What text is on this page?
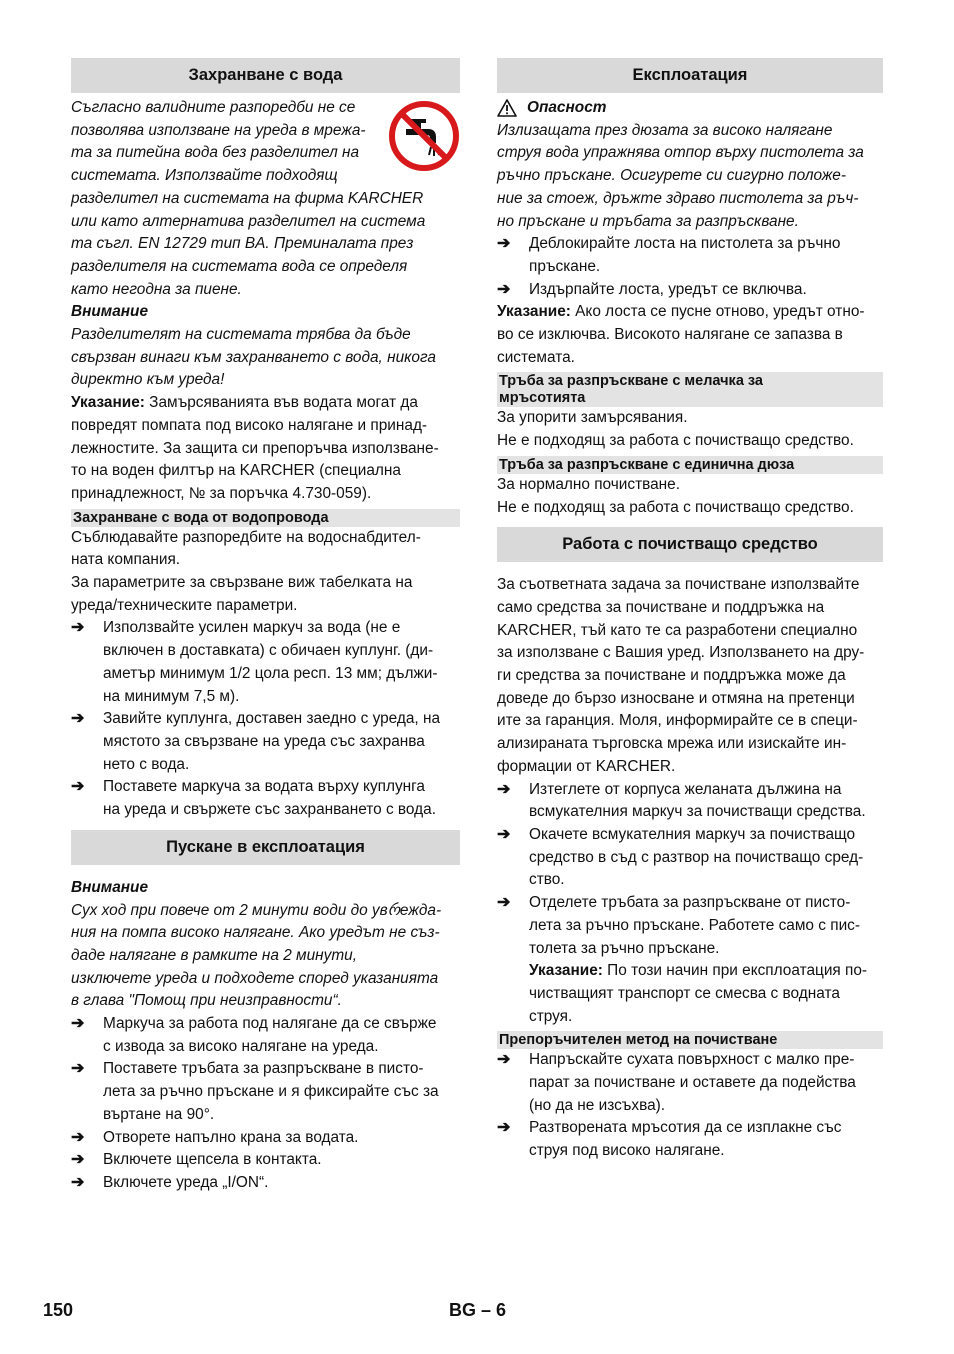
Захранване с вода
Съгласно валидните разпоредби не се
позволява използване на уреда в мрежа-
та за питейна вода без разделител на
системата. Използвайте подходящ
разделител на системата на фирма KARCHER
или като алтернатива разделител на система
та съгл. EN 12729 тип BA. Преминалата през
разделителя на системата вода се определя
като негодна за пиене.
Внимание
Разделителят на системата трябва да бъде
свързван винаги към захранването с вода, никога
директно към уреда!
Указание: Замърсяванията във водата могат да
повредят помпата под високо налягане и принад-
лежностите. За защита си препоръчва използване-
то на воден филтър на KARCHER (специална
принадлежност, № за поръчка 4.730-059).
Захранване с вода от водопровода
Съблюдавайте разпоредбите на водоснабдител-
ната компания.
За параметрите за свързване виж табелката на
уреда/техническите параметри.
➔ Използвайте усилен маркуч за вода (не е
включен в доставката) с обичаен куплунг. (ди-
аметър минимум 1/2 цола респ. 13 мм; дължи-
на минимум 7,5 м).
➔ Завийте куплунга, доставен заедно с уреда, на
мястото за свързване на уреда със захранва
нето с вода.
➔ Поставете маркуча за водата върху куплунга
на уреда и свържете със захранването с вода.
Пускане в експлоатация
Внимание
Сух ход при повече от 2 минути води до увრежда-
ния на помпа високо налягане. Ако уредът не съз-
даде налягане в рамките на 2 минути,
изключете уреда и подходете според указанията
в глава "Помощ при неизправности“.
➔ Маркуча за работа под налягане да се свърже
с извода за високо налягане на уреда.
➔ Поставете тръбата за разпръскване в писто-
лета за ръчно пръскане и я фиксирайте със за
въртане на 90°.
➔ Отворете напълно крана за водата.
➔ Включете щепсела в контакта.
➔ Включете уреда „I/ON“.
Експлоатация
Опасност
Излизащата през дюзата за високо налягане
струя вода упражнява отпор върху пистолета за
ръчно пръскане. Осигурете си сигурно положе-
ние за стоеж, дръжте здраво пистолета за ръч-
но пръскане и тръбата за разпръскване.
➔ Деблокирайте лоста на пистолета за ръчно
пръскане.
➔ Издърпайте лоста, уредът се включва.
Указание: Ако лоста се пусне отново, уредът отно-
во се изключва. Високото налягане се запазва в
системата.
Тръба за разпръскване с мелачка за
мръсотията
За упорити замърсявания.
Не е подходящ за работа с почистващо средство.
Тръба за разпръскване с единична дюза
За нормално почистване.
Не е подходящ за работа с почистващо средство.
Работа с почистващо средство
За съответната задача за почистване използвайте
само средства за почистване и поддръжка на
KARCHER, тъй като те са разработени специално
за използване с Вашия уред. Използването на дру-
ги средства за почистване и поддръжка може да
доведе до бързо износване и отмяна на претенци
ите за гаранция. Моля, информирайте се в специ-
ализираната търговска мрежа или изискайте ин-
формации от KARCHER.
➔ Изтеглете от корпуса желаната дължина на
всмукателния маркуч за почистващи средства.
➔ Окачете всмукателния маркуч за почистващо
средство в съд с разтвор на почистващо сред-
ство.
➔ Отделете тръбата за разпръскване от писто-
лета за ръчно пръскане. Работете само с пис-
толета за ръчно пръскане.
Указание: По този начин при експлоатация по-
чистващият транспорт се смесва с водната
струя.
Препоръчителен метод на почистване
➔ Напръскайте сухата повърхност с малко пре-
парат за почистване и оставете да подейства
(но да не изсъхва).
➔ Разтворената мръсотия да се изплакне със
струя под високо налягане.
150	BG – 6
